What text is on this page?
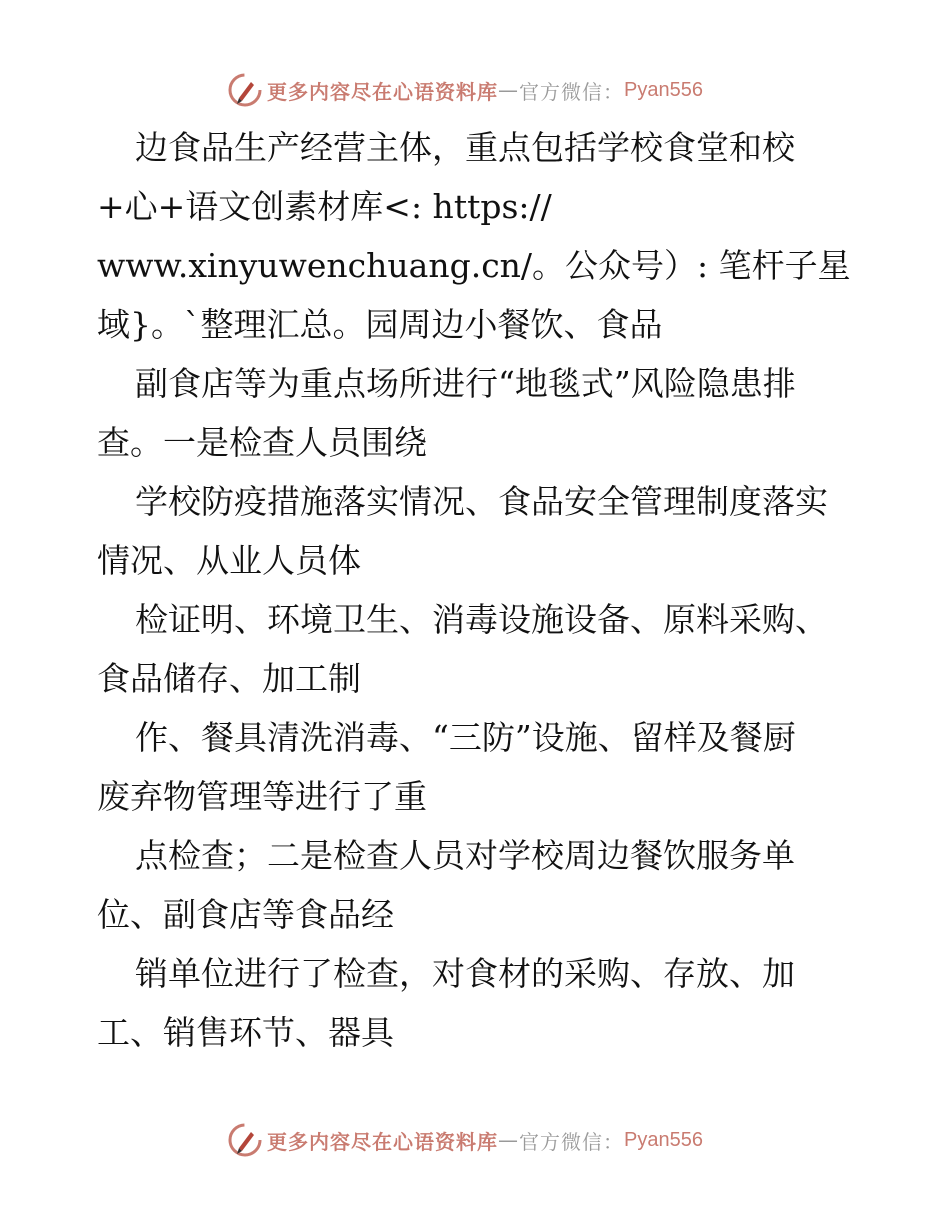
更多内容尽在心语资料库 — 官方微信： Pyan556
边食品生产经营主体，重点包括学校食堂和校
+心+语文创素材库<: https://
www.xinyuwenchuang.cn/。公众号）: 笔杆子星
域}。`整理汇总。园周边小餐饮、食品
副食店等为重点场所进行“地毯式”风险隐患排
查。一是检查人员围绕
学校防疫措施落实情况、食品安全管理制度落实
情况、从业人员体
检证明、环境卫生、消毒设施设备、原料采购、
食品储存、加工制
作、餐具清洗消毒、“三防”设施、留样及餐厨
废弃物管理等进行了重
点检查；二是检查人员对学校周边餐饮服务单
位、副食店等食品经
销单位进行了检查，对食材的采购、存放、加
工、销售环节、器具
更多内容尽在心语资料库 — 官方微信： Pyan556
